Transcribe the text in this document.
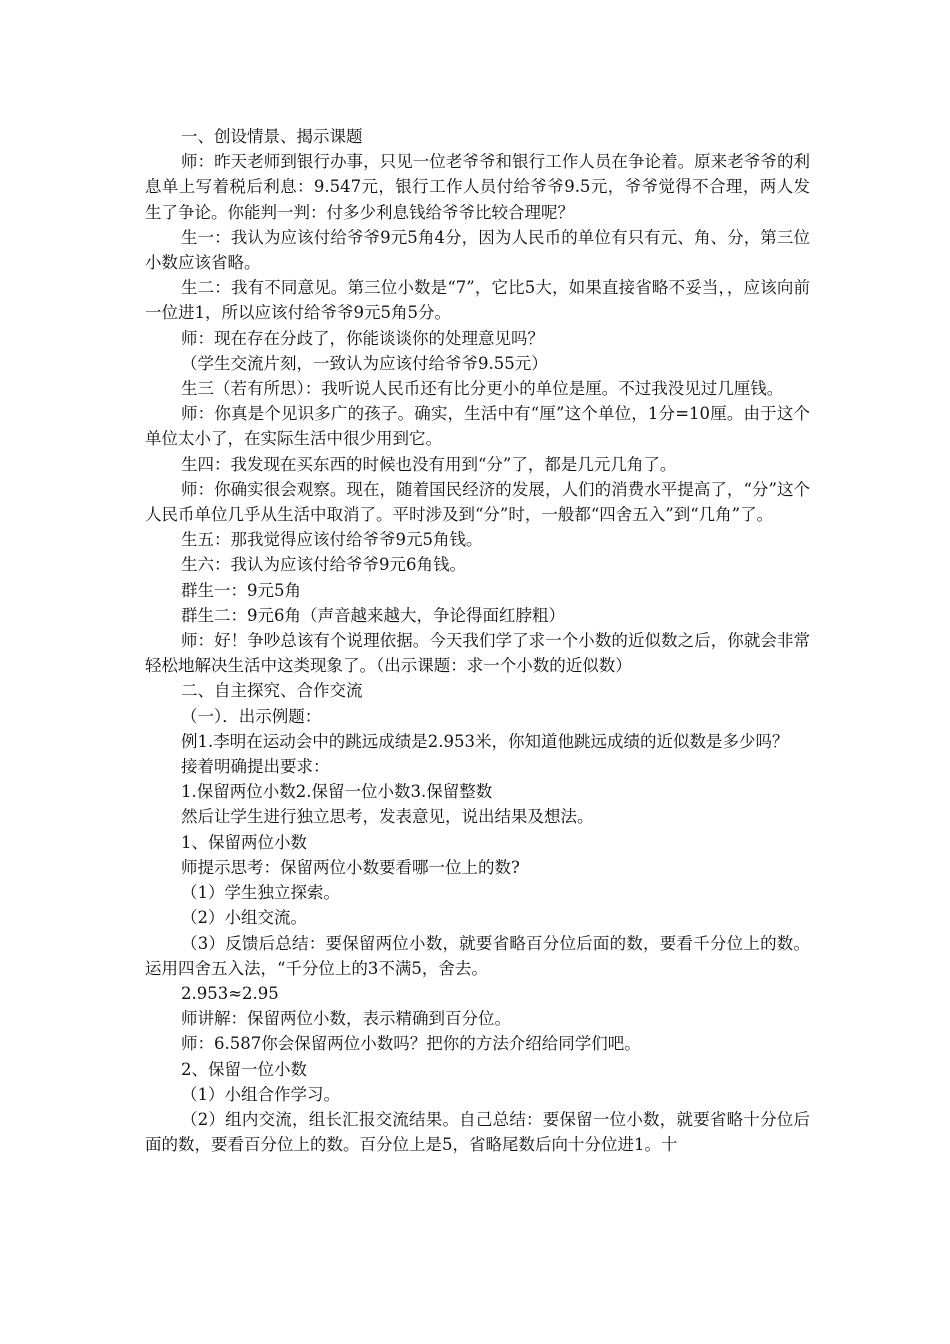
一、创设情景、揭示课题

师：昨天老师到银行办事，只见一位老爷爷和银行工作人员在争论着。原来老爷爷的利息单上写着税后利息：9.547元，银行工作人员付给爷爷9.5元，爷爷觉得不合理，两人发生了争论。你能判一判：付多少利息钱给爷爷比较合理呢？

生一：我认为应该付给爷爷9元5角4分，因为人民币的单位有只有元、角、分，第三位小数应该省略。

生二：我有不同意见。第三位小数是“7”，它比5大，如果直接省略不妥当，，应该向前一位进1，所以应该付给爷爷9元5角5分。

师：现在存在分歧了，你能谈谈你的处理意见吗？

（学生交流片刻，一致认为应该付给爷爷9.55元）

生三（若有所思）：我听说人民币还有比分更小的单位是厘。不过我没见过几厘钱。

师：你真是个见识多广的孩子。确实，生活中有“厘”这个单位，1分=10厘。由于这个单位太小了，在实际生活中很少用到它。

生四：我发现在买东西的时候也没有用到“分”了，都是几元几角了。

师：你确实很会观察。现在，随着国民经济的发展，人们的消费水平提高了，“分”这个人民币单位几乎从生活中取消了。平时涉及到“分”时，一般都“四舍五入”到“几角”了。

生五：那我觉得应该付给爷爷9元5角钱。

生六：我认为应该付给爷爷9元6角钱。

群生一：9元5角

群生二：9元6角（声音越来越大，争论得面红脖粗）

师：好！争吵总该有个说理依据。今天我们学了求一个小数的近似数之后，你就会非常轻松地解决生活中这类现象了。（出示课题：求一个小数的近似数）

二、自主探究、合作交流

（一）．出示例题：

例1.李明在运动会中的跳远成绩是2.953米，你知道他跳远成绩的近似数是多少吗？

接着明确提出要求：

1.保留两位小数2.保留一位小数3.保留整数

然后让学生进行独立思考，发表意见，说出结果及想法。

1、保留两位小数

师提示思考：保留两位小数要看哪一位上的数?

（1）学生独立探索。

（2）小组交流。

（3）反馈后总结：要保留两位小数，就要省略百分位后面的数，要看千分位上的数。运用四舍五入法，“千分位上的3不满5，舍去。

2.953≈2.95

师讲解：保留两位小数，表示精确到百分位。

师：6.587你会保留两位小数吗？把你的方法介绍给同学们吧。

2、保留一位小数

（1）小组合作学习。

（2）组内交流，组长汇报交流结果。自己总结：要保留一位小数，就要省略十分位后面的数，要看百分位上的数。百分位上是5，省略尾数后向十分位进1。十
